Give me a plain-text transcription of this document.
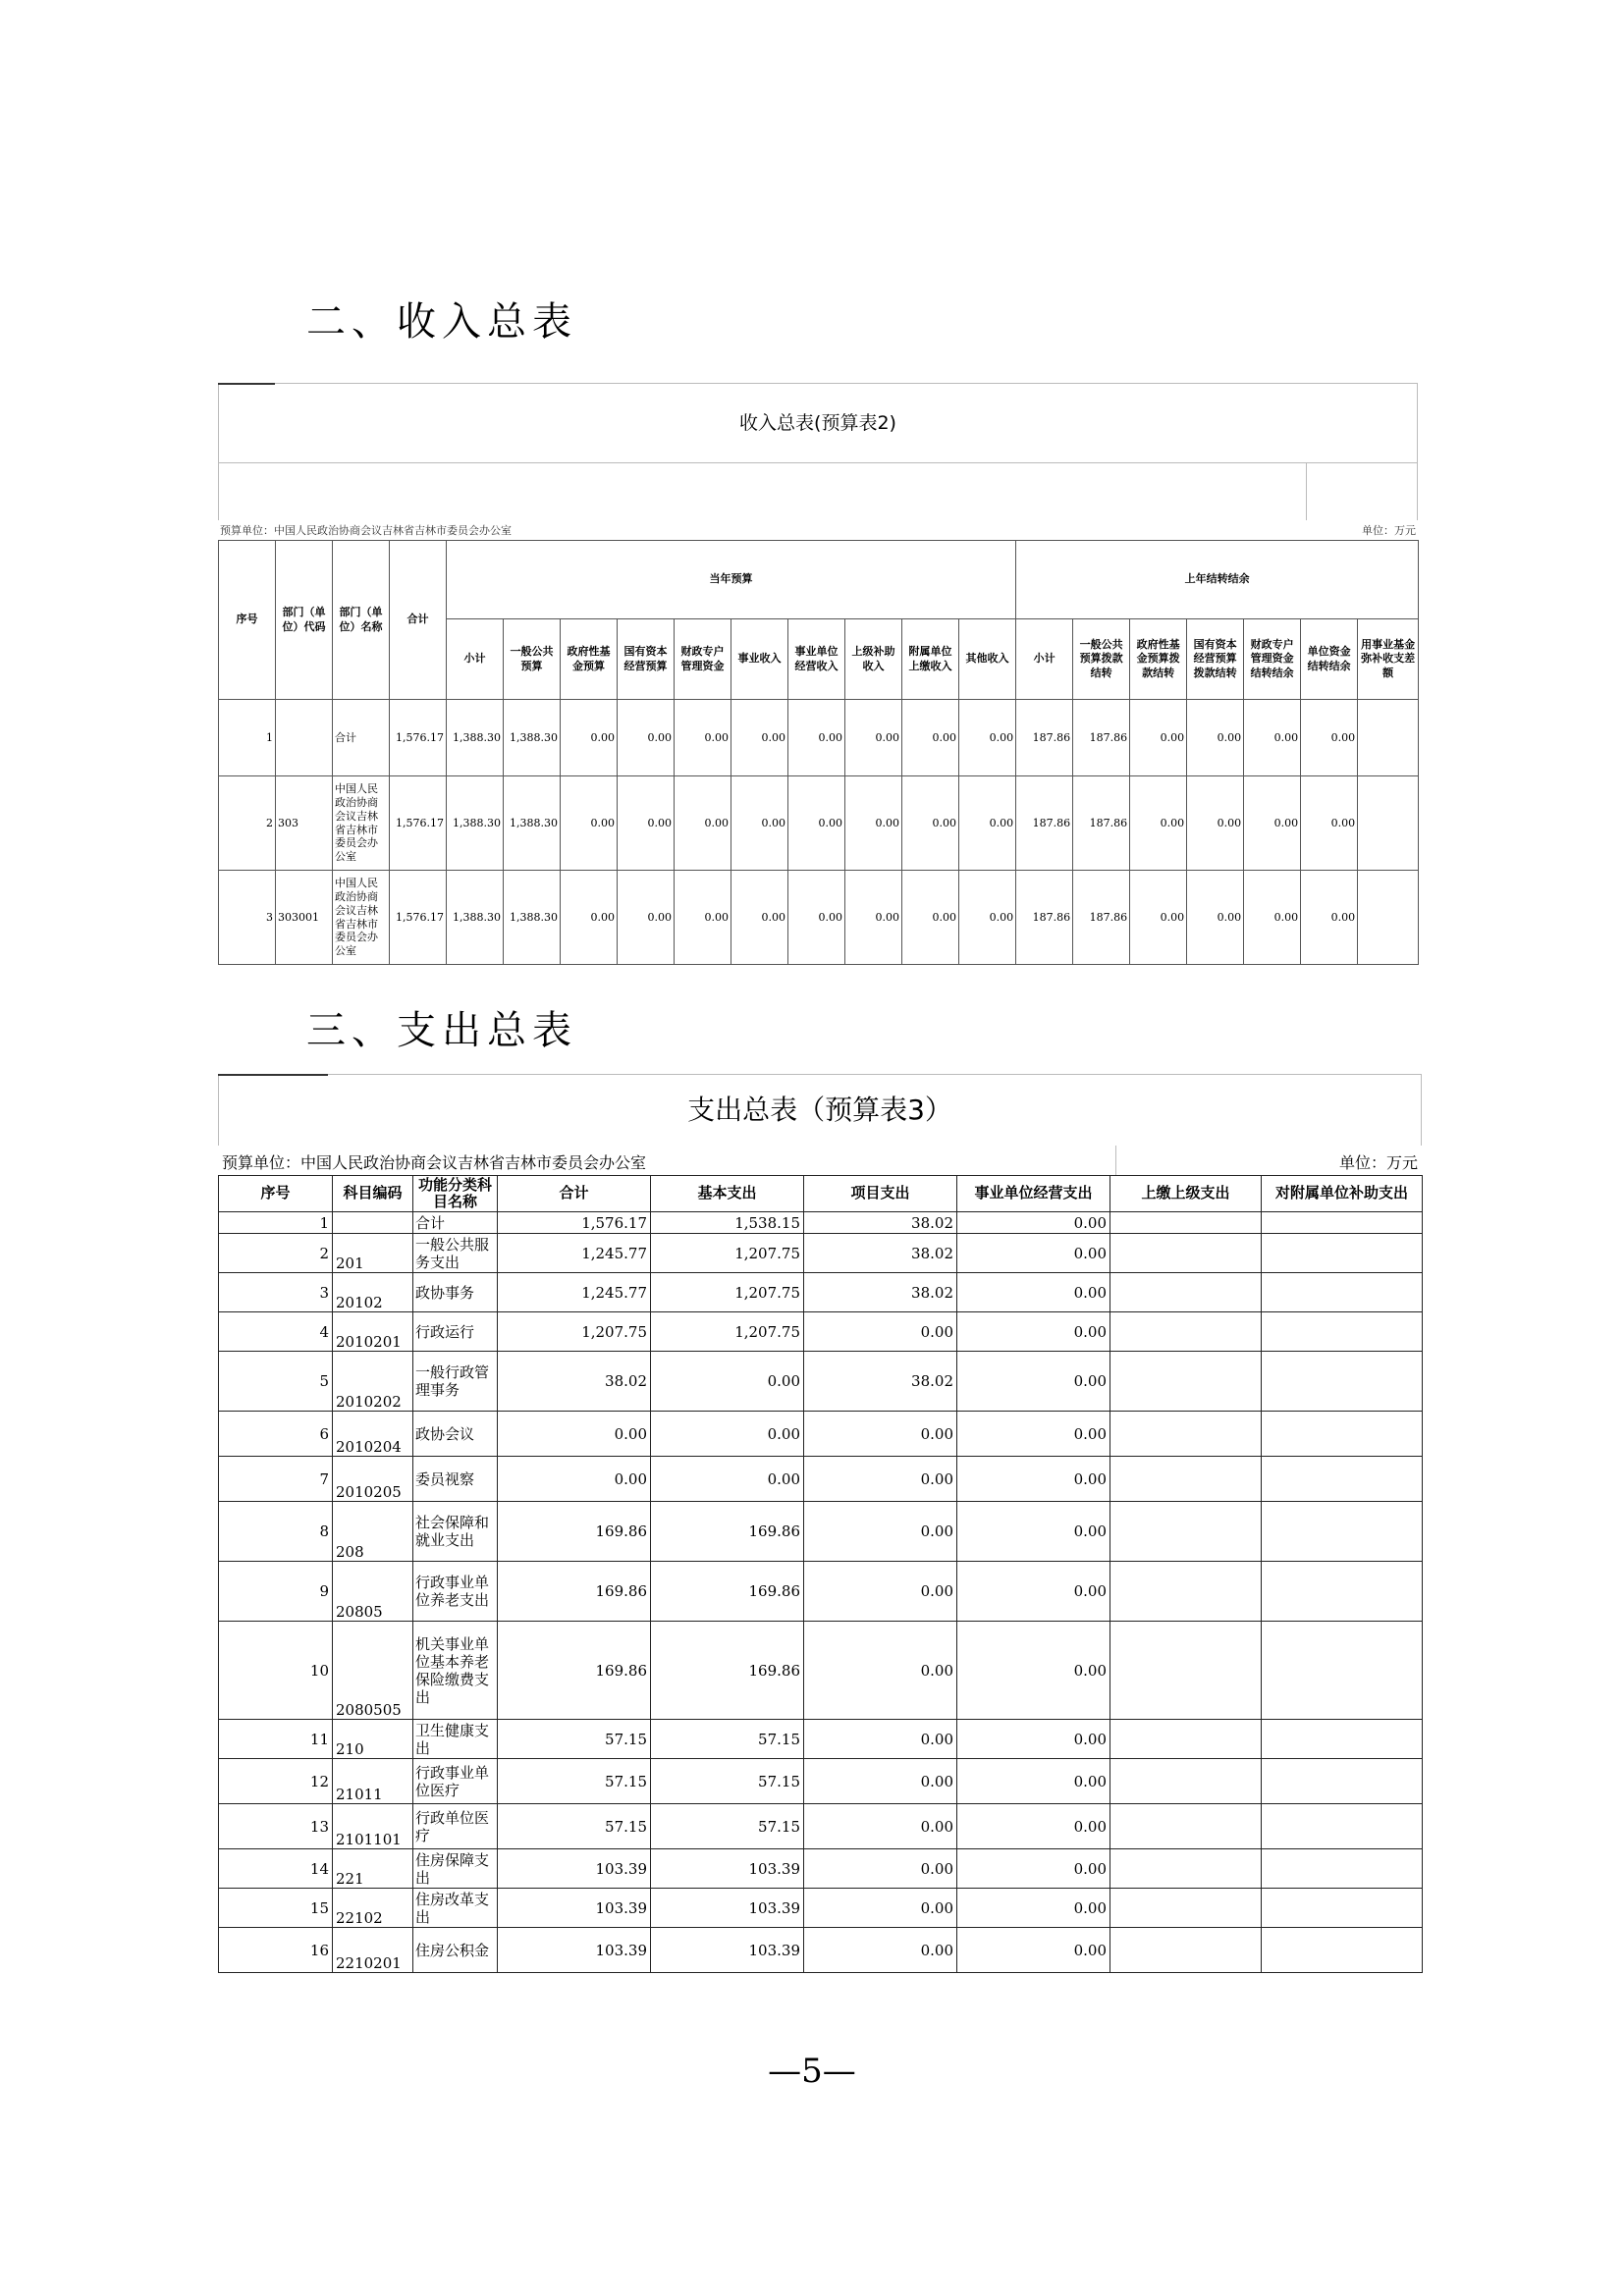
二、收入总表
收入总表(预算表2)
预算单位：中国人民政治协商会议吉林省吉林市委员会办公室	单位：万元
序号	部门（单位）代码	部门（单位）名称	合计	当年预算										上年结转结余						
				小计	一般公共预算	政府性基金预算	国有资本经营预算	财政专户管理资金	事业收入	事业单位经营收入	上级补助收入	附属单位上缴收入	其他收入	小计	一般公共预算拨款结转	政府性基金预算拨款结转	国有资本经营预算拨款结转	财政专户管理资金结转结余	单位资金结转结余	用事业基金弥补收支差额
1		合计	1,576.17	1,388.30	1,388.30	0.00	0.00	0.00	0.00	0.00	0.00	0.00	0.00	187.86	187.86	0.00	0.00	0.00	0.00	
2	303	中国人民政治协商会议吉林省吉林市委员会办公室	1,576.17	1,388.30	1,388.30	0.00	0.00	0.00	0.00	0.00	0.00	0.00	0.00	187.86	187.86	0.00	0.00	0.00	0.00	
3	303001	中国人民政治协商会议吉林省吉林市委员会办公室	1,576.17	1,388.30	1,388.30	0.00	0.00	0.00	0.00	0.00	0.00	0.00	0.00	187.86	187.86	0.00	0.00	0.00	0.00	
三、支出总表
支出总表（预算表3）
预算单位：中国人民政治协商会议吉林省吉林市委员会办公室	单位：万元
序号	科目编码	功能分类科目名称	合计	基本支出	项目支出	事业单位经营支出	上缴上级支出	对附属单位补助支出
1		合计	1,576.17	1,538.15	38.02	0.00		
2	201	一般公共服务支出	1,245.77	1,207.75	38.02	0.00		
3	20102	政协事务	1,245.77	1,207.75	38.02	0.00		
4	2010201	行政运行	1,207.75	1,207.75	0.00	0.00		
5	2010202	一般行政管理事务	38.02	0.00	38.02	0.00		
6	2010204	政协会议	0.00	0.00	0.00	0.00		
7	2010205	委员视察	0.00	0.00	0.00	0.00		
8	208	社会保障和就业支出	169.86	169.86	0.00	0.00		
9	20805	行政事业单位养老支出	169.86	169.86	0.00	0.00		
10	2080505	机关事业单位基本养老保险缴费支出	169.86	169.86	0.00	0.00		
11	210	卫生健康支出	57.15	57.15	0.00	0.00		
12	21011	行政事业单位医疗	57.15	57.15	0.00	0.00		
13	2101101	行政单位医疗	57.15	57.15	0.00	0.00		
14	221	住房保障支出	103.39	103.39	0.00	0.00		
15	22102	住房改革支出	103.39	103.39	0.00	0.00		
16	2210201	住房公积金	103.39	103.39	0.00	0.00		
—5—
